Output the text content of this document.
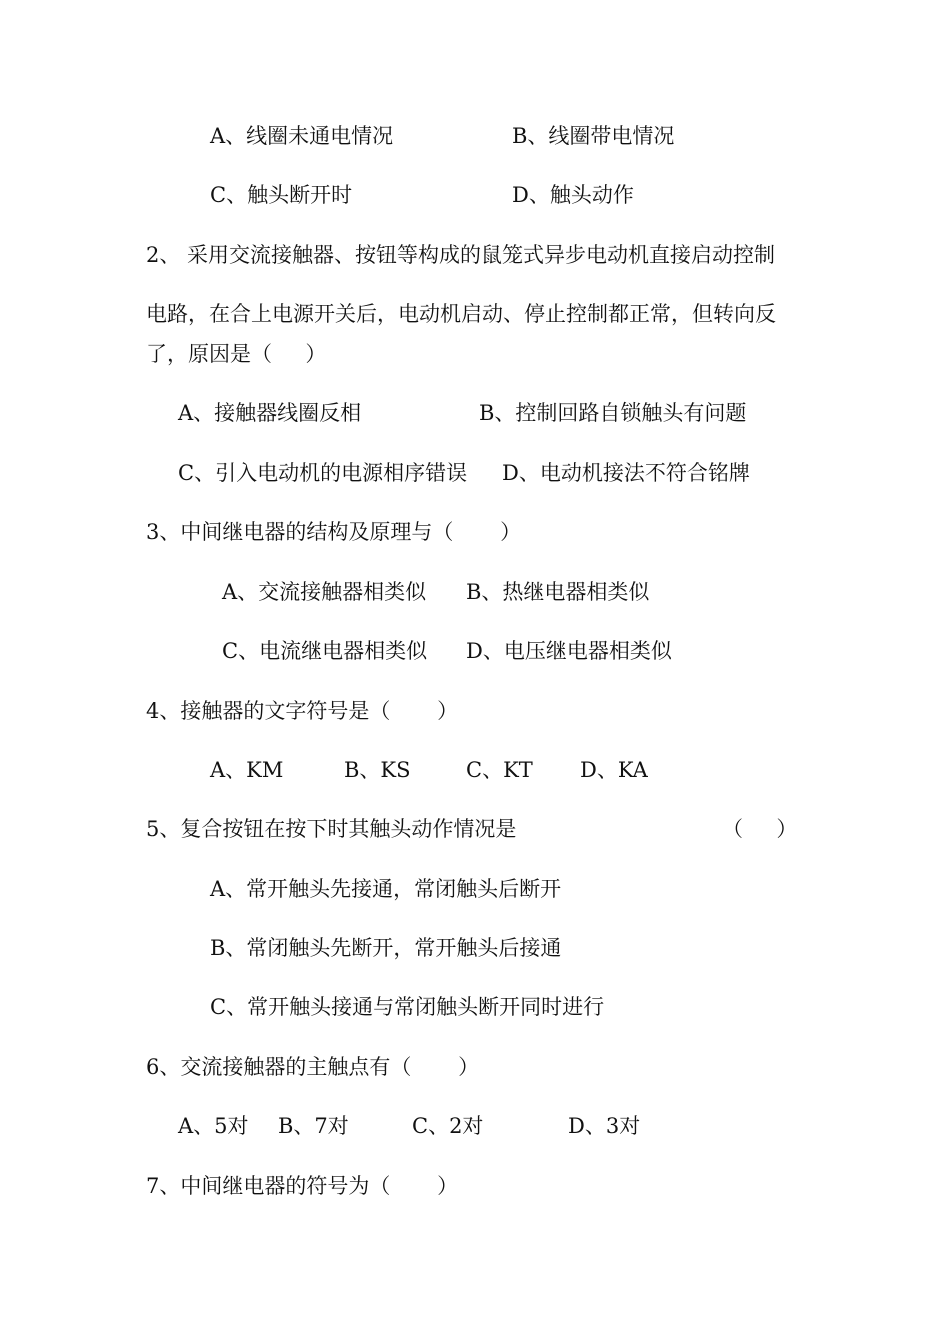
A、线圈未通电情况	B、线圈带电情况

C、触头断开时	D、触头动作

2、 采用交流接触器、按钮等构成的鼠笼式异步电动机直接启动控制

电路，在合上电源开关后，电动机启动、停止控制都正常，但转向反

了，原因是（     ）

A、接触器线圈反相	B、控制回路自锁触头有问题

C、引入电动机的电源相序错误 D、电动机接法不符合铭牌

3、中间继电器的结构及原理与（       ）

A、交流接触器相类似 B、热继电器相类似

C、电流继电器相类似 D、电压继电器相类似

4、接触器的文字符号是（       ）

A、KM	B、KS	C、KT D、KA

5、复合按钮在按下时其触头动作情况是	（     ）

A、常开触头先接通，常闭触头后断开

B、常闭触头先断开，常开触头后接通

C、常开触头接通与常闭触头断开同时进行

6、交流接触器的主触点有（       ）

A、5对 B、7对	C、2对	D、3对

7、中间继电器的符号为（       ）
